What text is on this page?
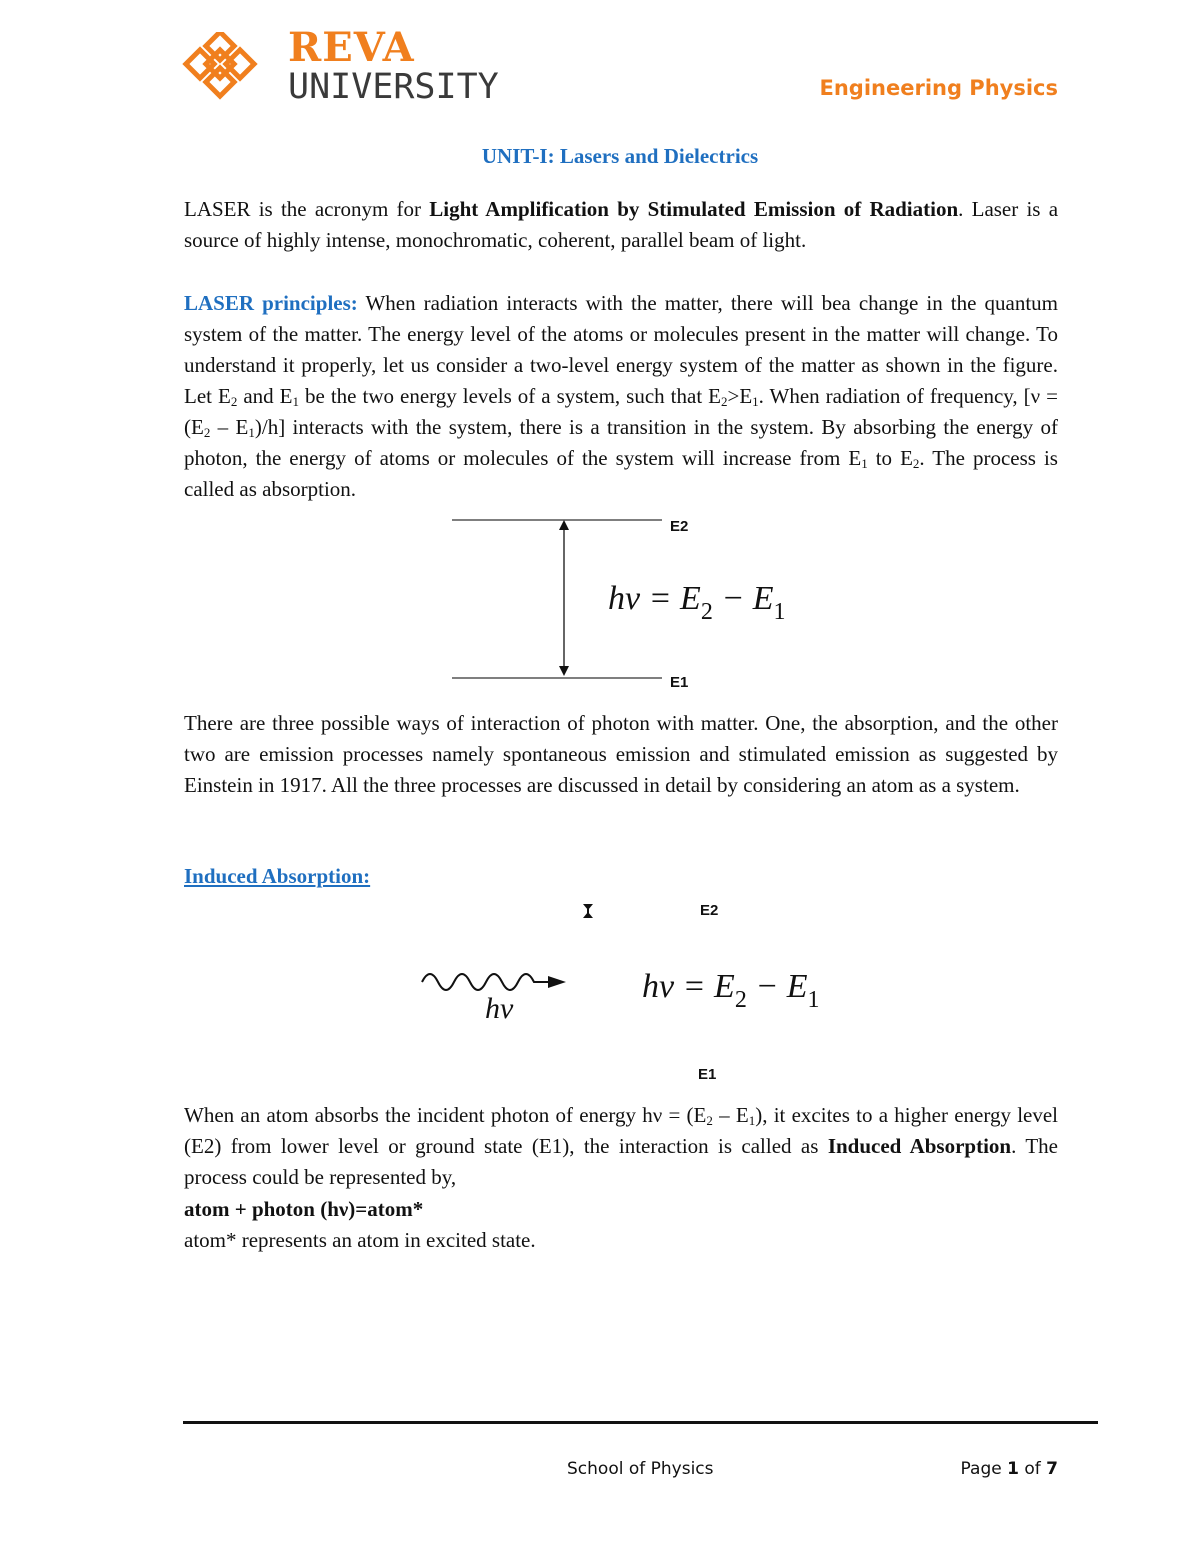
REVA
UNIVERSITY	Engineering Physics
UNIT-I: Lasers and Dielectrics
LASER is the acronym for Light Amplification by Stimulated Emission of Radiation. Laser is a source of highly intense, monochromatic, coherent, parallel beam of light.
LASER principles: When radiation interacts with the matter, there will bea change in the quantum system of the matter. The energy level of the atoms or molecules present in the matter will change. To understand it properly, let us consider a two-level energy system of the matter as shown in the figure. Let $E_2$ and $E_1$ be the two energy levels of a system, such that $E_2>E_1$. When radiation of frequency, $[\nu = (E_2 - E_1)/h]$ interacts with the system, there is a transition in the system. By absorbing the energy of photon, the energy of atoms or molecules of the system will increase from $E_1$ to $E_2$. The process is called as absorption.
E2
E1
$h\nu = E_2 - E_1$
There are three possible ways of interaction of photon with matter. One, the absorption, and the other two are emission processes namely spontaneous emission and stimulated emission as suggested by Einstein in 1917. All the three processes are discussed in detail by considering an atom as a system.
Induced Absorption:
E2
hν
$h\nu = E_2 - E_1$
E1
When an atom absorbs the incident photon of energy $h\nu = (E_2 - E_1)$, it excites to a higher energy level (E2) from lower level or ground state (E1), the interaction is called as Induced Absorption. The process could be represented by,
atom + photon (hν)=atom*
atom* represents an atom in excited state.
School of Physics	Page 1 of 7
